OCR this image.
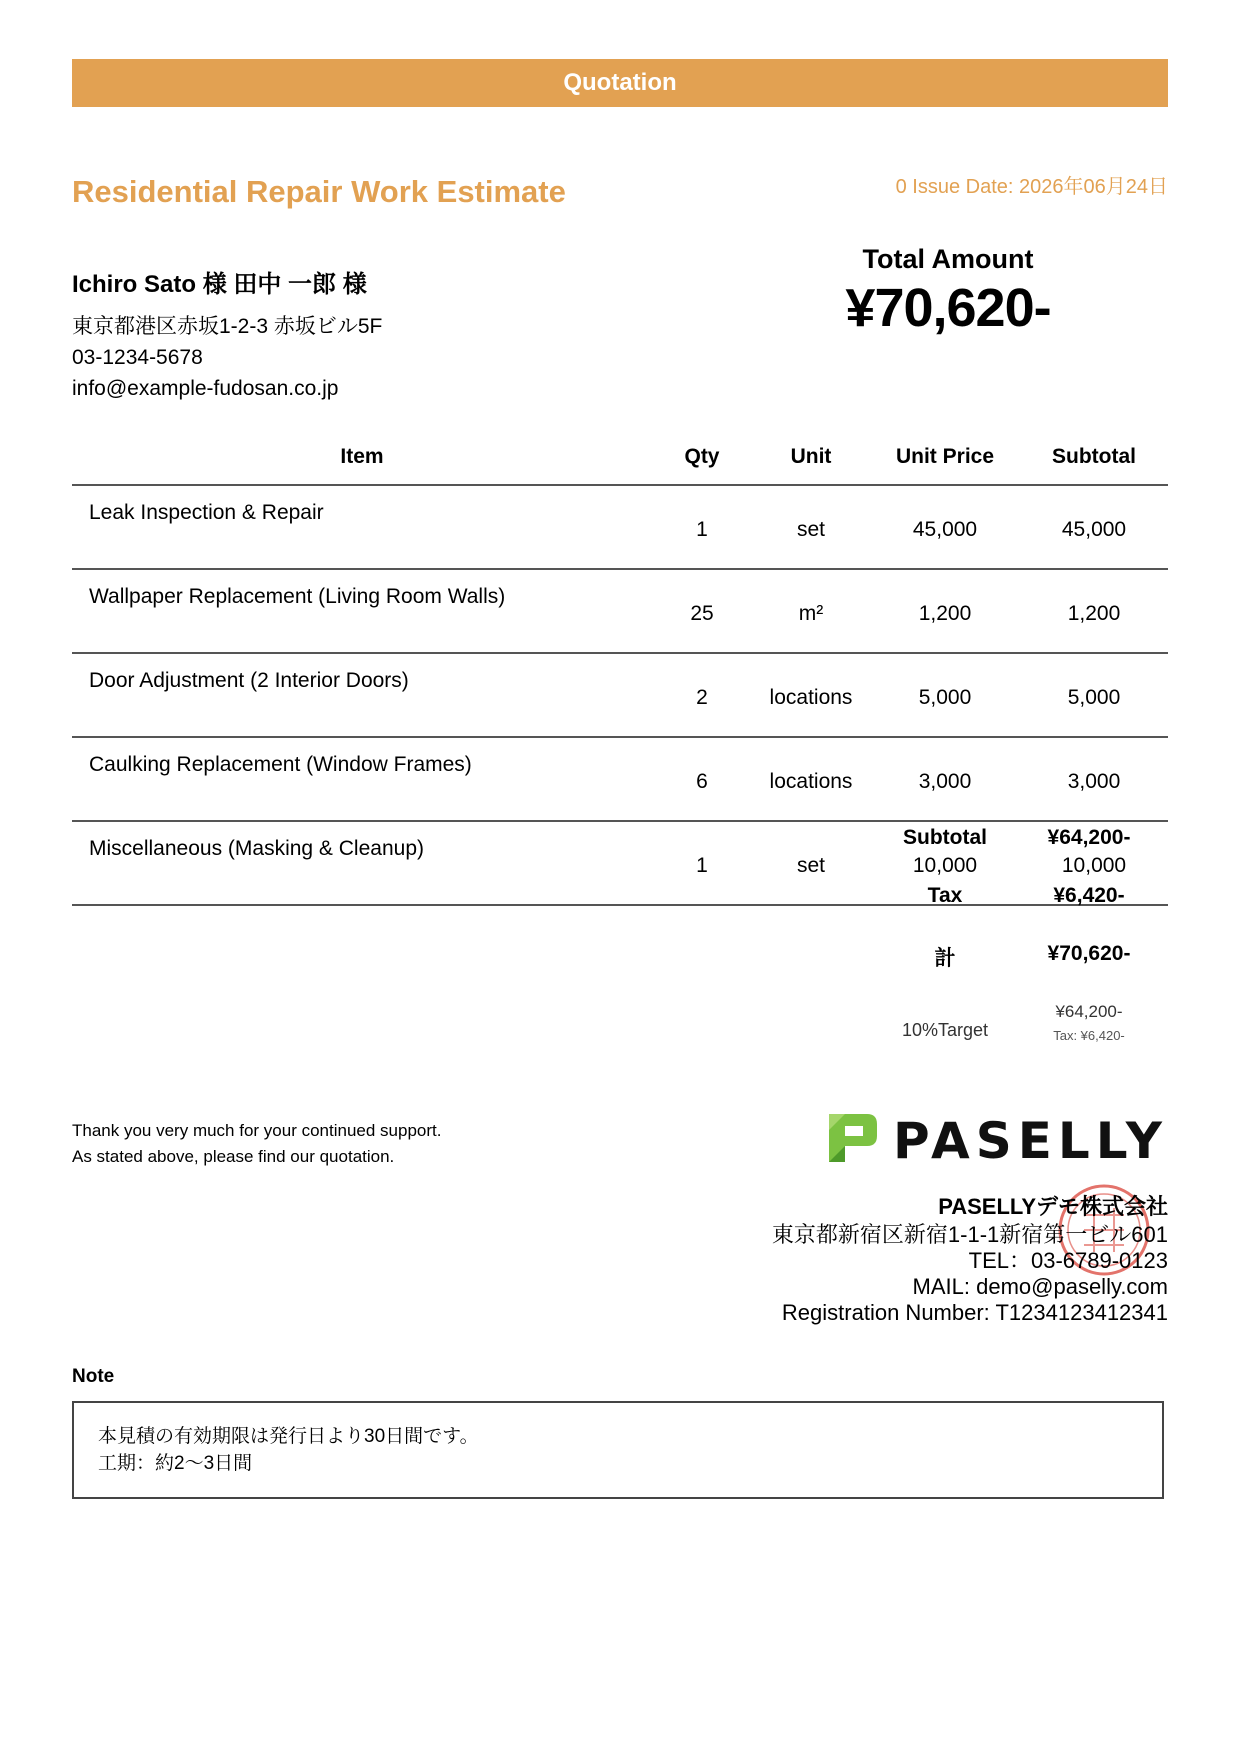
Quotation
Residential Repair Work Estimate	0 Issue Date: 2026年06月24日
Ichiro Sato 様 田中 一郎 様
東京都港区赤坂1-2-3 赤坂ビル5F
03-1234-5678
info@example-fudosan.co.jp
Total Amount
¥70,620-
Item	Qty	Unit	Unit Price	Subtotal
Leak Inspection & Repair	1	set	45,000	45,000
Wallpaper Replacement (Living Room Walls)	25	m²	1,200	1,200
Door Adjustment (2 Interior Doors)	2	locations	5,000	5,000
Caulking Replacement (Window Frames)	6	locations	3,000	3,000
Miscellaneous (Masking & Cleanup)	1	set	10,000	10,000
Subtotal	¥64,200-
Tax	¥6,420-
計	¥70,620-
10%Target
¥64,200-
Tax: ¥6,420-
Thank you very much for your continued support.
As stated above, please find our quotation.	PASELLY
PASELLYデモ株式会社
東京都新宿区新宿1-1-1新宿第一ビル601
TEL：03-6789-0123
MAIL: demo@paselly.com
Registration Number: T1234123412341
Note
本見積の有効期限は発行日より30日間です。
工期：約2〜3日間
